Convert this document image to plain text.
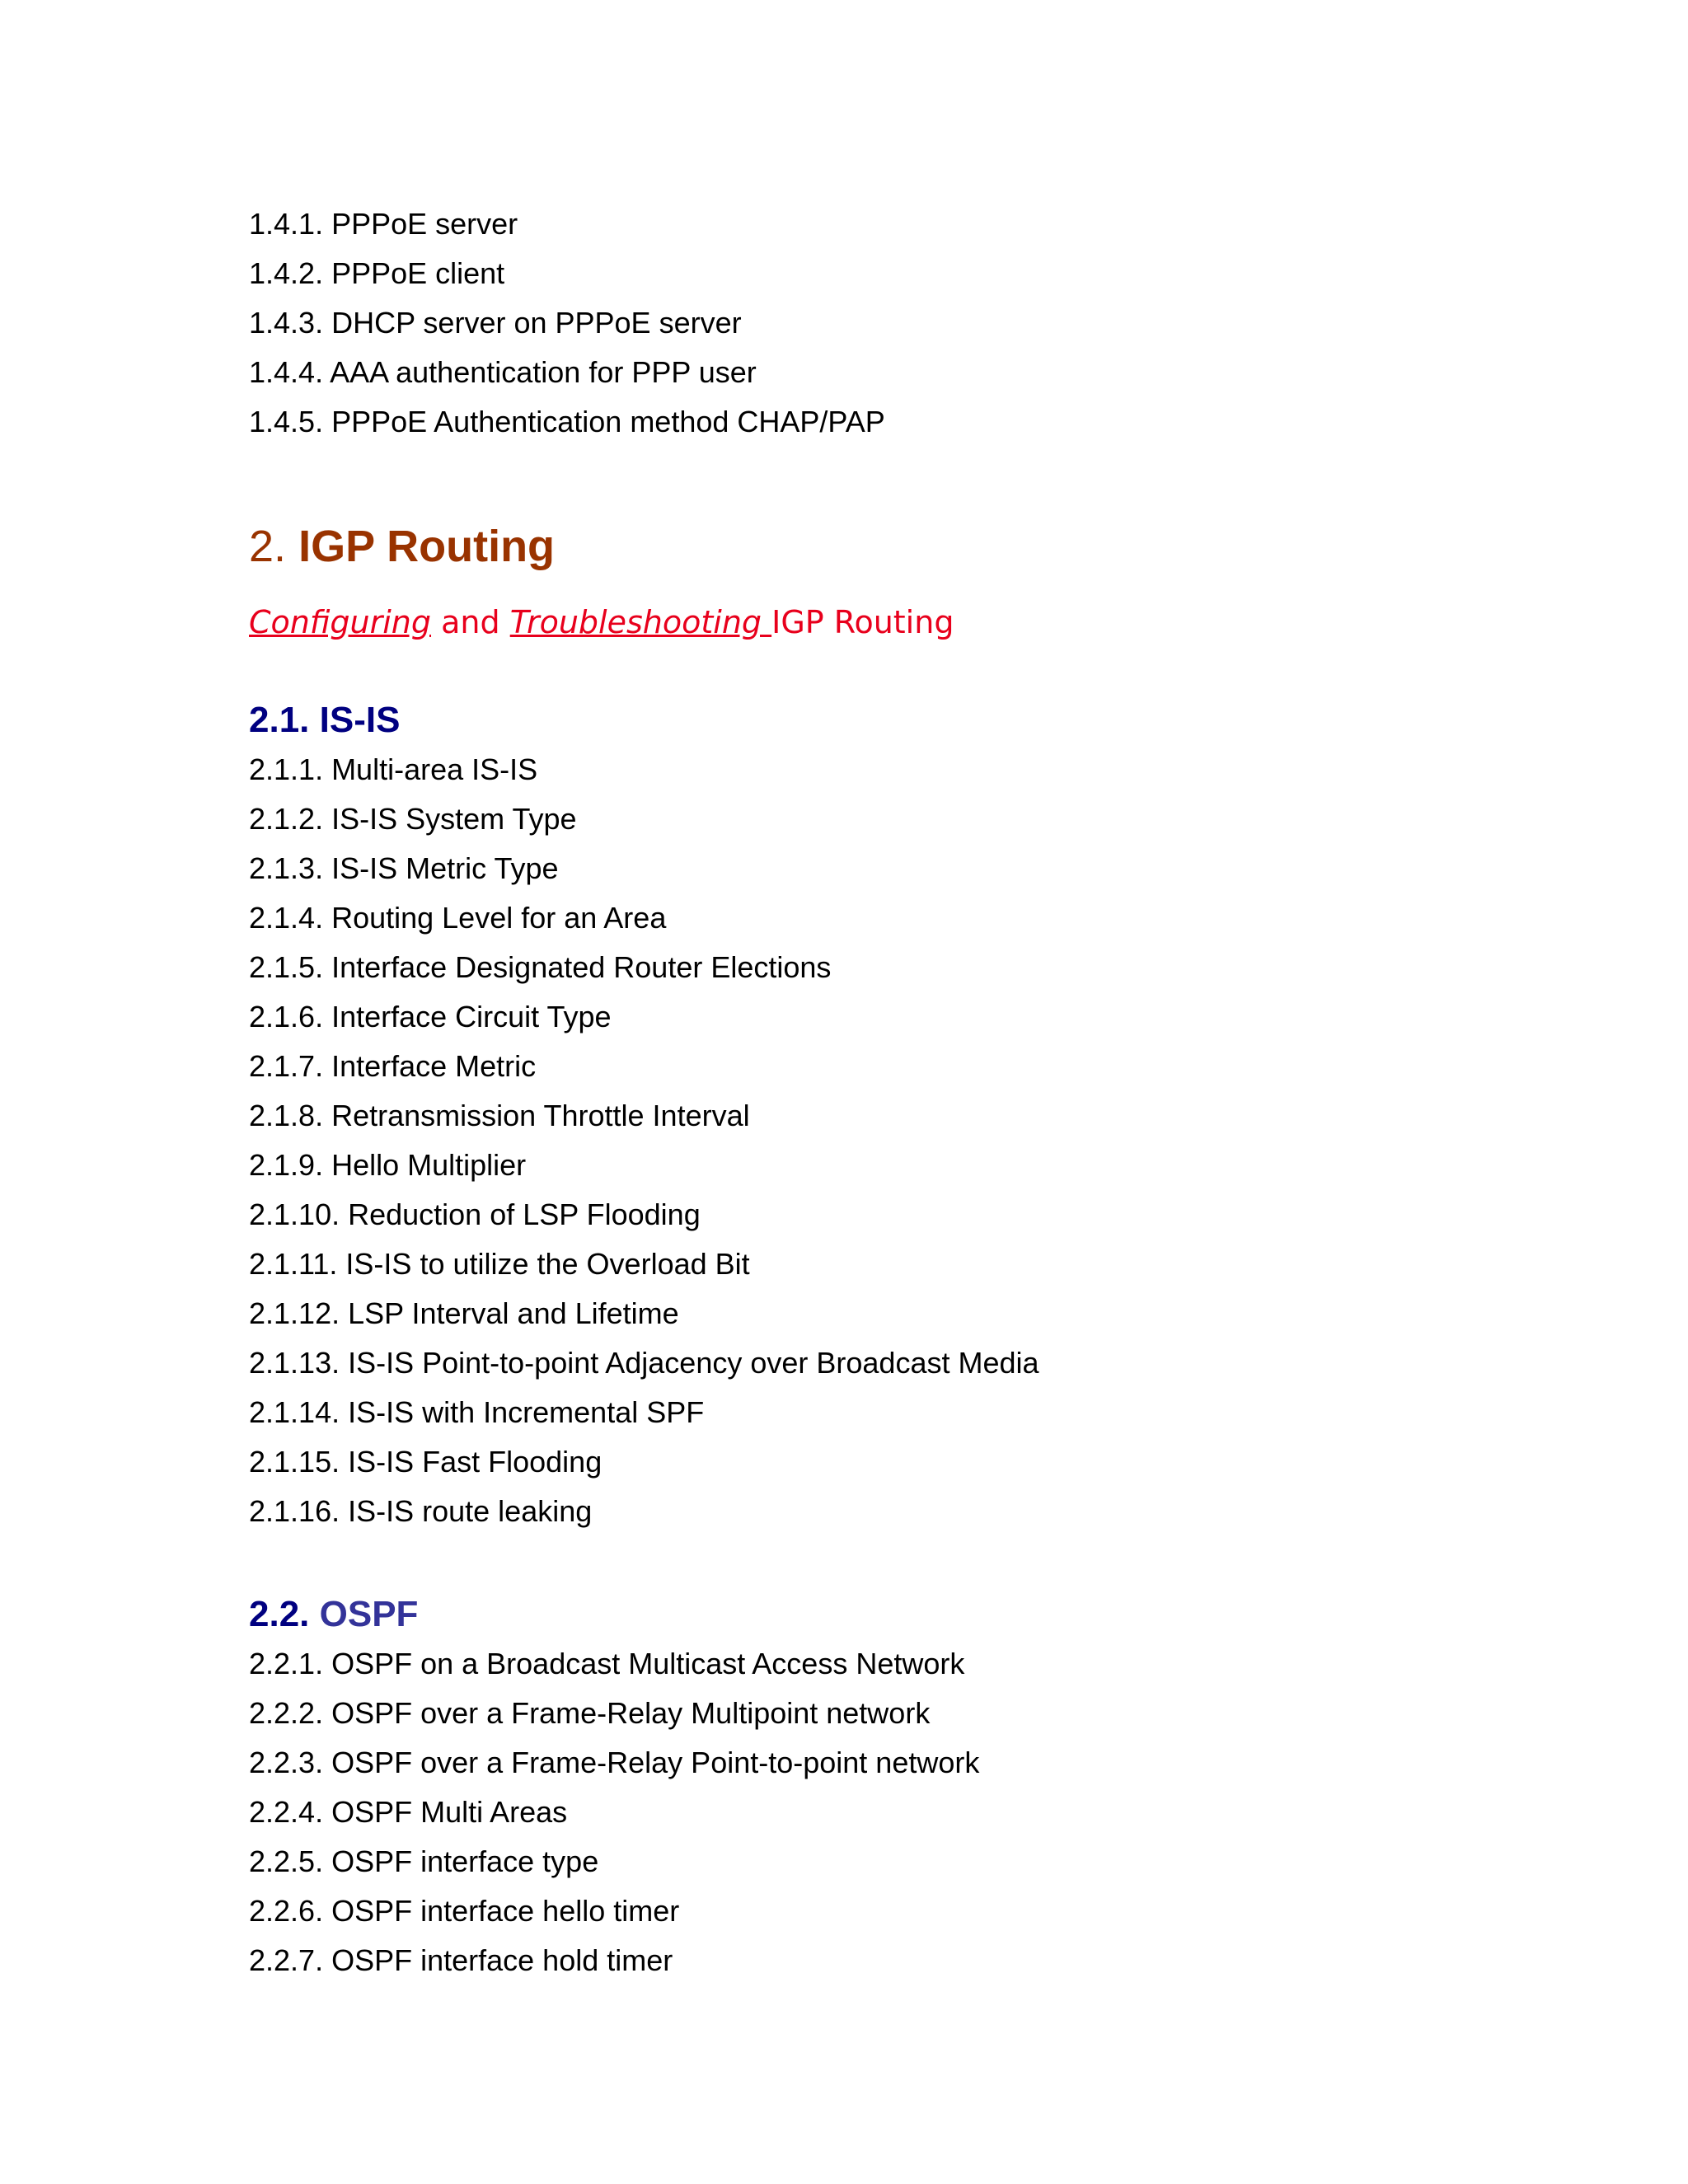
1.4.1. PPPoE server
1.4.2. PPPoE client
1.4.3. DHCP server on PPPoE server
1.4.4. AAA authentication for PPP user
1.4.5. PPPoE Authentication method CHAP/PAP
2. IGP Routing

Configuring and Troubleshooting IGP Routing

2.1. IS-IS
2.1.1. Multi-area IS-IS
2.1.2. IS-IS System Type
2.1.3. IS-IS Metric Type
2.1.4. Routing Level for an Area
2.1.5. Interface Designated Router Elections
2.1.6. Interface Circuit Type
2.1.7. Interface Metric
2.1.8. Retransmission Throttle Interval
2.1.9. Hello Multiplier
2.1.10. Reduction of LSP Flooding
2.1.11. IS-IS to utilize the Overload Bit
2.1.12. LSP Interval and Lifetime
2.1.13. IS-IS Point-to-point Adjacency over Broadcast Media
2.1.14. IS-IS with Incremental SPF
2.1.15. IS-IS Fast Flooding
2.1.16. IS-IS route leaking
2.2. OSPF
2.2.1. OSPF on a Broadcast Multicast Access Network
2.2.2. OSPF over a Frame-Relay Multipoint network
2.2.3. OSPF over a Frame-Relay Point-to-point network
2.2.4. OSPF Multi Areas
2.2.5. OSPF interface type
2.2.6. OSPF interface hello timer
2.2.7. OSPF interface hold timer
